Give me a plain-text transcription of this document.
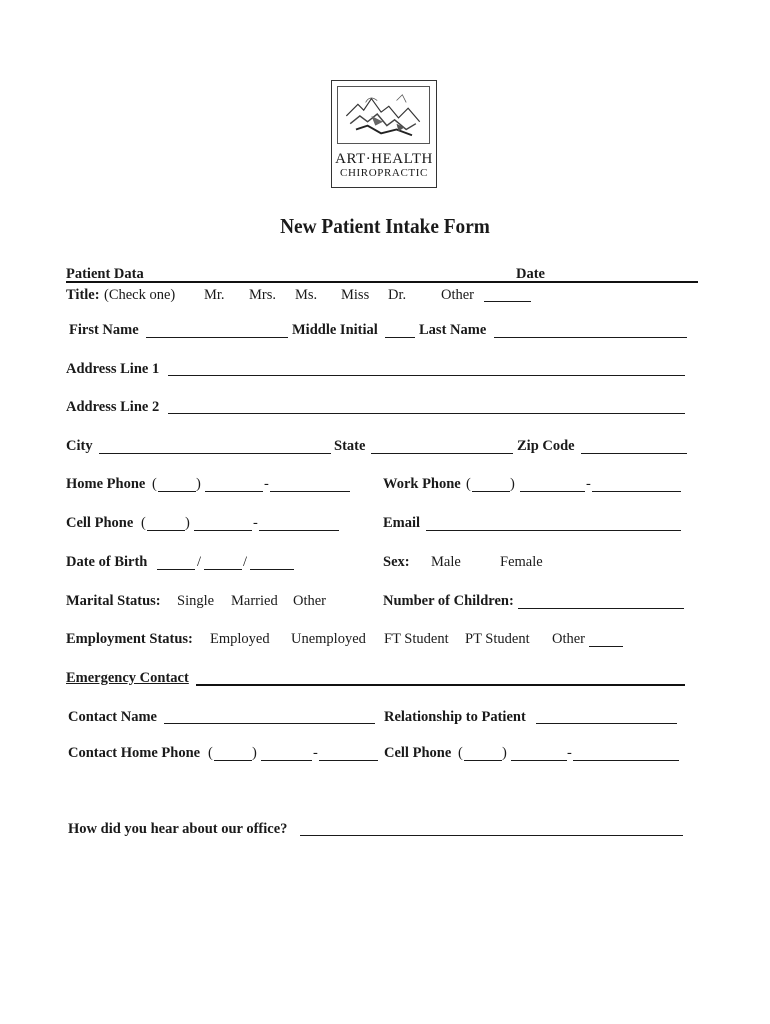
ART·HEALTH
CHIROPRACTIC
New Patient Intake Form
Patient Data	Date
Title: (Check one) Mr. Mrs. Ms. Miss Dr. Other
First Name	Middle Initial	Last Name
Address Line 1
Address Line 2
City	State	Zip Code
Home Phone (	)	-	Work Phone (	)	-
Cell Phone (	)	-	Email
Date of Birth	/	/	Sex: Male	Female
Marital Status: Single Married Other	Number of Children:
Employment Status: Employed Unemployed FT Student PT Student Other
Emergency Contact
Contact Name	Relationship to Patient
Contact Home Phone (	)	-	Cell Phone (	)	-
How did you hear about our office?
